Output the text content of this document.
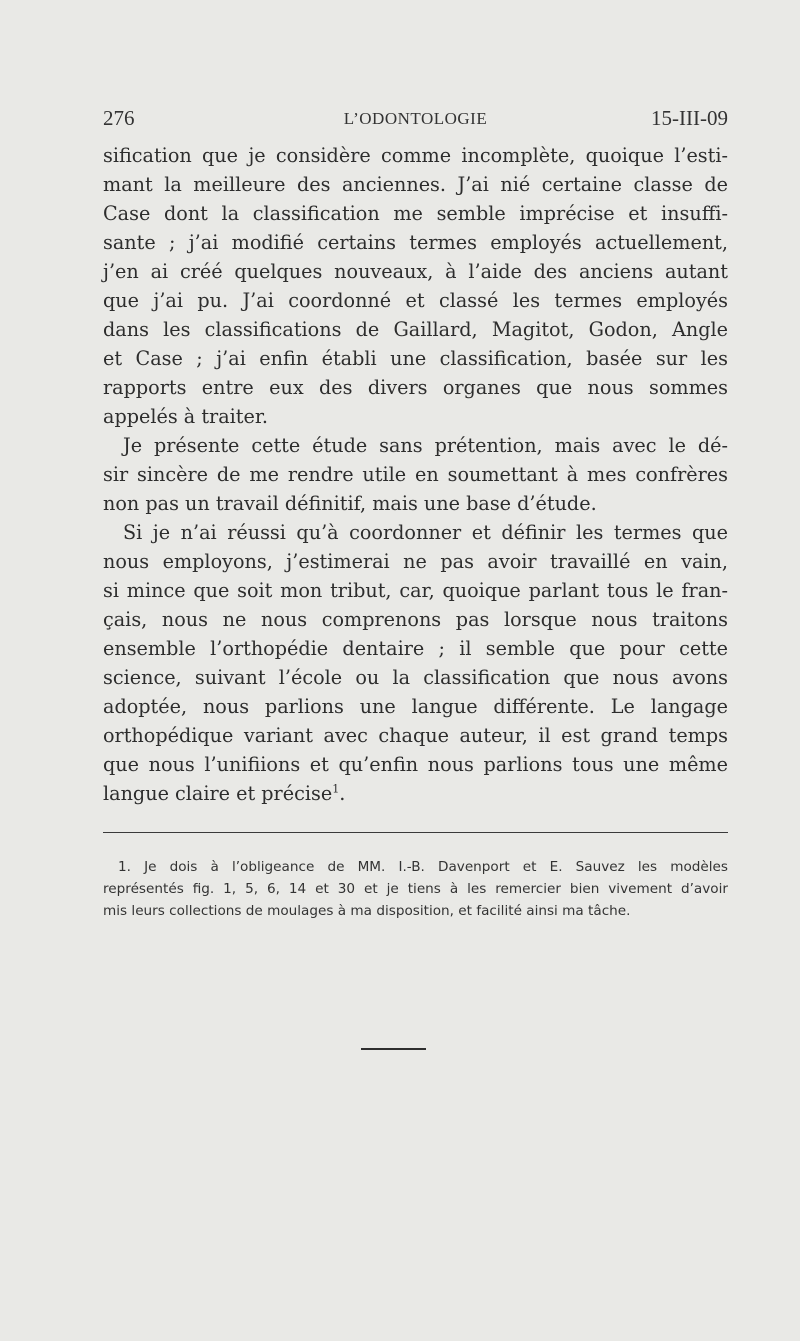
276	L’ODONTOLOGIE	15-III-09

sification que je considère comme incomplète, quoique l’esti-
mant la meilleure des anciennes. J’ai nié certaine classe de
Case dont la classification me semble imprécise et insuffi-
sante ; j’ai modifié certains termes employés actuellement,
j’en ai créé quelques nouveaux, à l’aide des anciens autant
que j’ai pu. J’ai coordonné et classé les termes employés
dans les classifications de Gaillard, Magitot, Godon, Angle
et Case ; j’ai enfin établi une classification, basée sur les
rapports entre eux des divers organes que nous sommes
appelés à traiter.

Je présente cette étude sans prétention, mais avec le dé-
sir sincère de me rendre utile en soumettant à mes confrères
non pas un travail définitif, mais une base d’étude.

Si je n’ai réussi qu’à coordonner et définir les termes que
nous employons, j’estimerai ne pas avoir travaillé en vain,
si mince que soit mon tribut, car, quoique parlant tous le fran-
çais, nous ne nous comprenons pas lorsque nous traitons
ensemble l’orthopédie dentaire ; il semble que pour cette
science, suivant l’école ou la classification que nous avons
adoptée, nous parlions une langue différente. Le langage
orthopédique variant avec chaque auteur, il est grand temps
que nous l’unifiions et qu’enfin nous parlions tous une même
langue claire et précise$^1$.

1. Je dois à l’obligeance de MM. I.-B. Davenport et E. Sauvez les modèles
représentés fig. 1, 5, 6, 14 et 30 et je tiens à les remercier bien vivement d’avoir
mis leurs collections de moulages à ma disposition, et facilité ainsi ma tâche.
